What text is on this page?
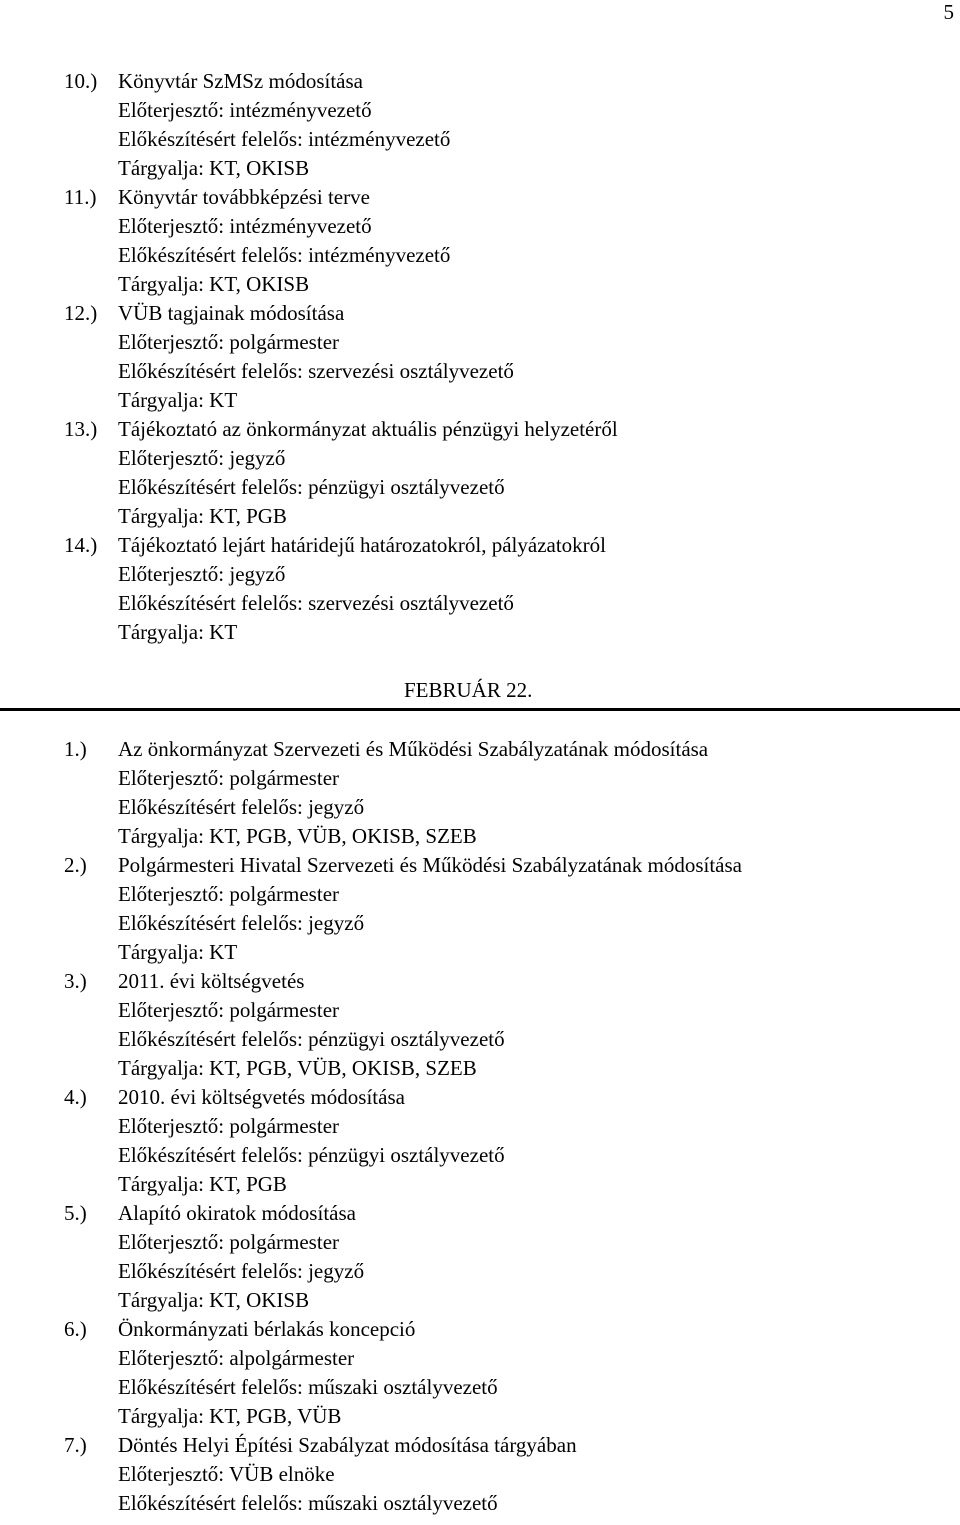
5
10.) Könyvtár SzMSz módosítása
Előterjesztő: intézményvezető
Előkészítésért felelős: intézményvezető
Tárgyalja: KT, OKISB
11.) Könyvtár továbbképzési terve
Előterjesztő: intézményvezető
Előkészítésért felelős: intézményvezető
Tárgyalja: KT, OKISB
12.) VÜB tagjainak módosítása
Előterjesztő: polgármester
Előkészítésért felelős: szervezési osztályvezető
Tárgyalja: KT
13.) Tájékoztató az önkormányzat aktuális pénzügyi helyzetéről
Előterjesztő: jegyző
Előkészítésért felelős: pénzügyi osztályvezető
Tárgyalja: KT, PGB
14.) Tájékoztató lejárt határidejű határozatokról, pályázatokról
Előterjesztő: jegyző
Előkészítésért felelős: szervezési osztályvezető
Tárgyalja: KT
FEBRUÁR 22.
1.) Az önkormányzat Szervezeti és Működési Szabályzatának módosítása
Előterjesztő: polgármester
Előkészítésért felelős: jegyző
Tárgyalja: KT, PGB, VÜB, OKISB, SZEB
2.) Polgármesteri Hivatal Szervezeti és Működési Szabályzatának módosítása
Előterjesztő: polgármester
Előkészítésért felelős: jegyző
Tárgyalja: KT
3.) 2011. évi költségvetés
Előterjesztő: polgármester
Előkészítésért felelős: pénzügyi osztályvezető
Tárgyalja: KT, PGB, VÜB, OKISB, SZEB
4.) 2010. évi költségvetés módosítása
Előterjesztő: polgármester
Előkészítésért felelős: pénzügyi osztályvezető
Tárgyalja: KT, PGB
5.) Alapító okiratok módosítása
Előterjesztő: polgármester
Előkészítésért felelős: jegyző
Tárgyalja: KT, OKISB
6.) Önkormányzati bérlakás koncepció
Előterjesztő: alpolgármester
Előkészítésért felelős: műszaki osztályvezető
Tárgyalja: KT, PGB, VÜB
7.) Döntés Helyi Építési Szabályzat módosítása tárgyában
Előterjesztő: VÜB elnöke
Előkészítésért felelős: műszaki osztályvezető
